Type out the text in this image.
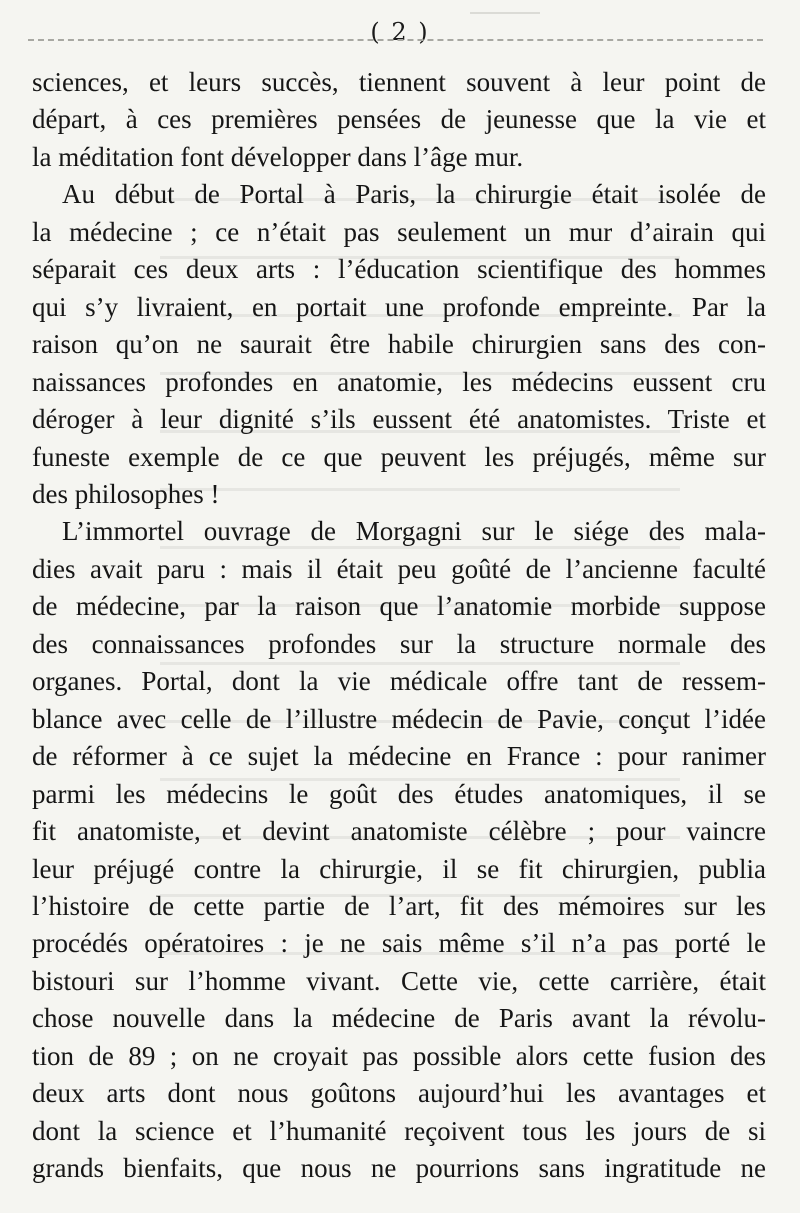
( 2 )

sciences, et leurs succès, tiennent souvent à leur point de
départ, à ces premières pensées de jeunesse que la vie et
la méditation font développer dans l’âge mur.

Au début de Portal à Paris, la chirurgie était isolée de
la médecine ; ce n’était pas seulement un mur d’airain qui
séparait ces deux arts : l’éducation scientifique des hommes
qui s’y livraient, en portait une profonde empreinte. Par la
raison qu’on ne saurait être habile chirurgien sans des con-
naissances profondes en anatomie, les médecins eussent cru
déroger à leur dignité s’ils eussent été anatomistes. Triste et
funeste exemple de ce que peuvent les préjugés, même sur
des philosophes !

L’immortel ouvrage de Morgagni sur le siége des mala-
dies avait paru : mais il était peu goûté de l’ancienne faculté
de médecine, par la raison que l’anatomie morbide suppose
des connaissances profondes sur la structure normale des
organes. Portal, dont la vie médicale offre tant de ressem-
blance avec celle de l’illustre médecin de Pavie, conçut l’idée
de réformer à ce sujet la médecine en France : pour ranimer
parmi les médecins le goût des études anatomiques, il se
fit anatomiste, et devint anatomiste célèbre ; pour vaincre
leur préjugé contre la chirurgie, il se fit chirurgien, publia
l’histoire de cette partie de l’art, fit des mémoires sur les
procédés opératoires : je ne sais même s’il n’a pas porté le
bistouri sur l’homme vivant. Cette vie, cette carrière, était
chose nouvelle dans la médecine de Paris avant la révolu-
tion de 89 ; on ne croyait pas possible alors cette fusion des
deux arts dont nous goûtons aujourd’hui les avantages et
dont la science et l’humanité reçoivent tous les jours de si
grands bienfaits, que nous ne pourrions sans ingratitude ne
